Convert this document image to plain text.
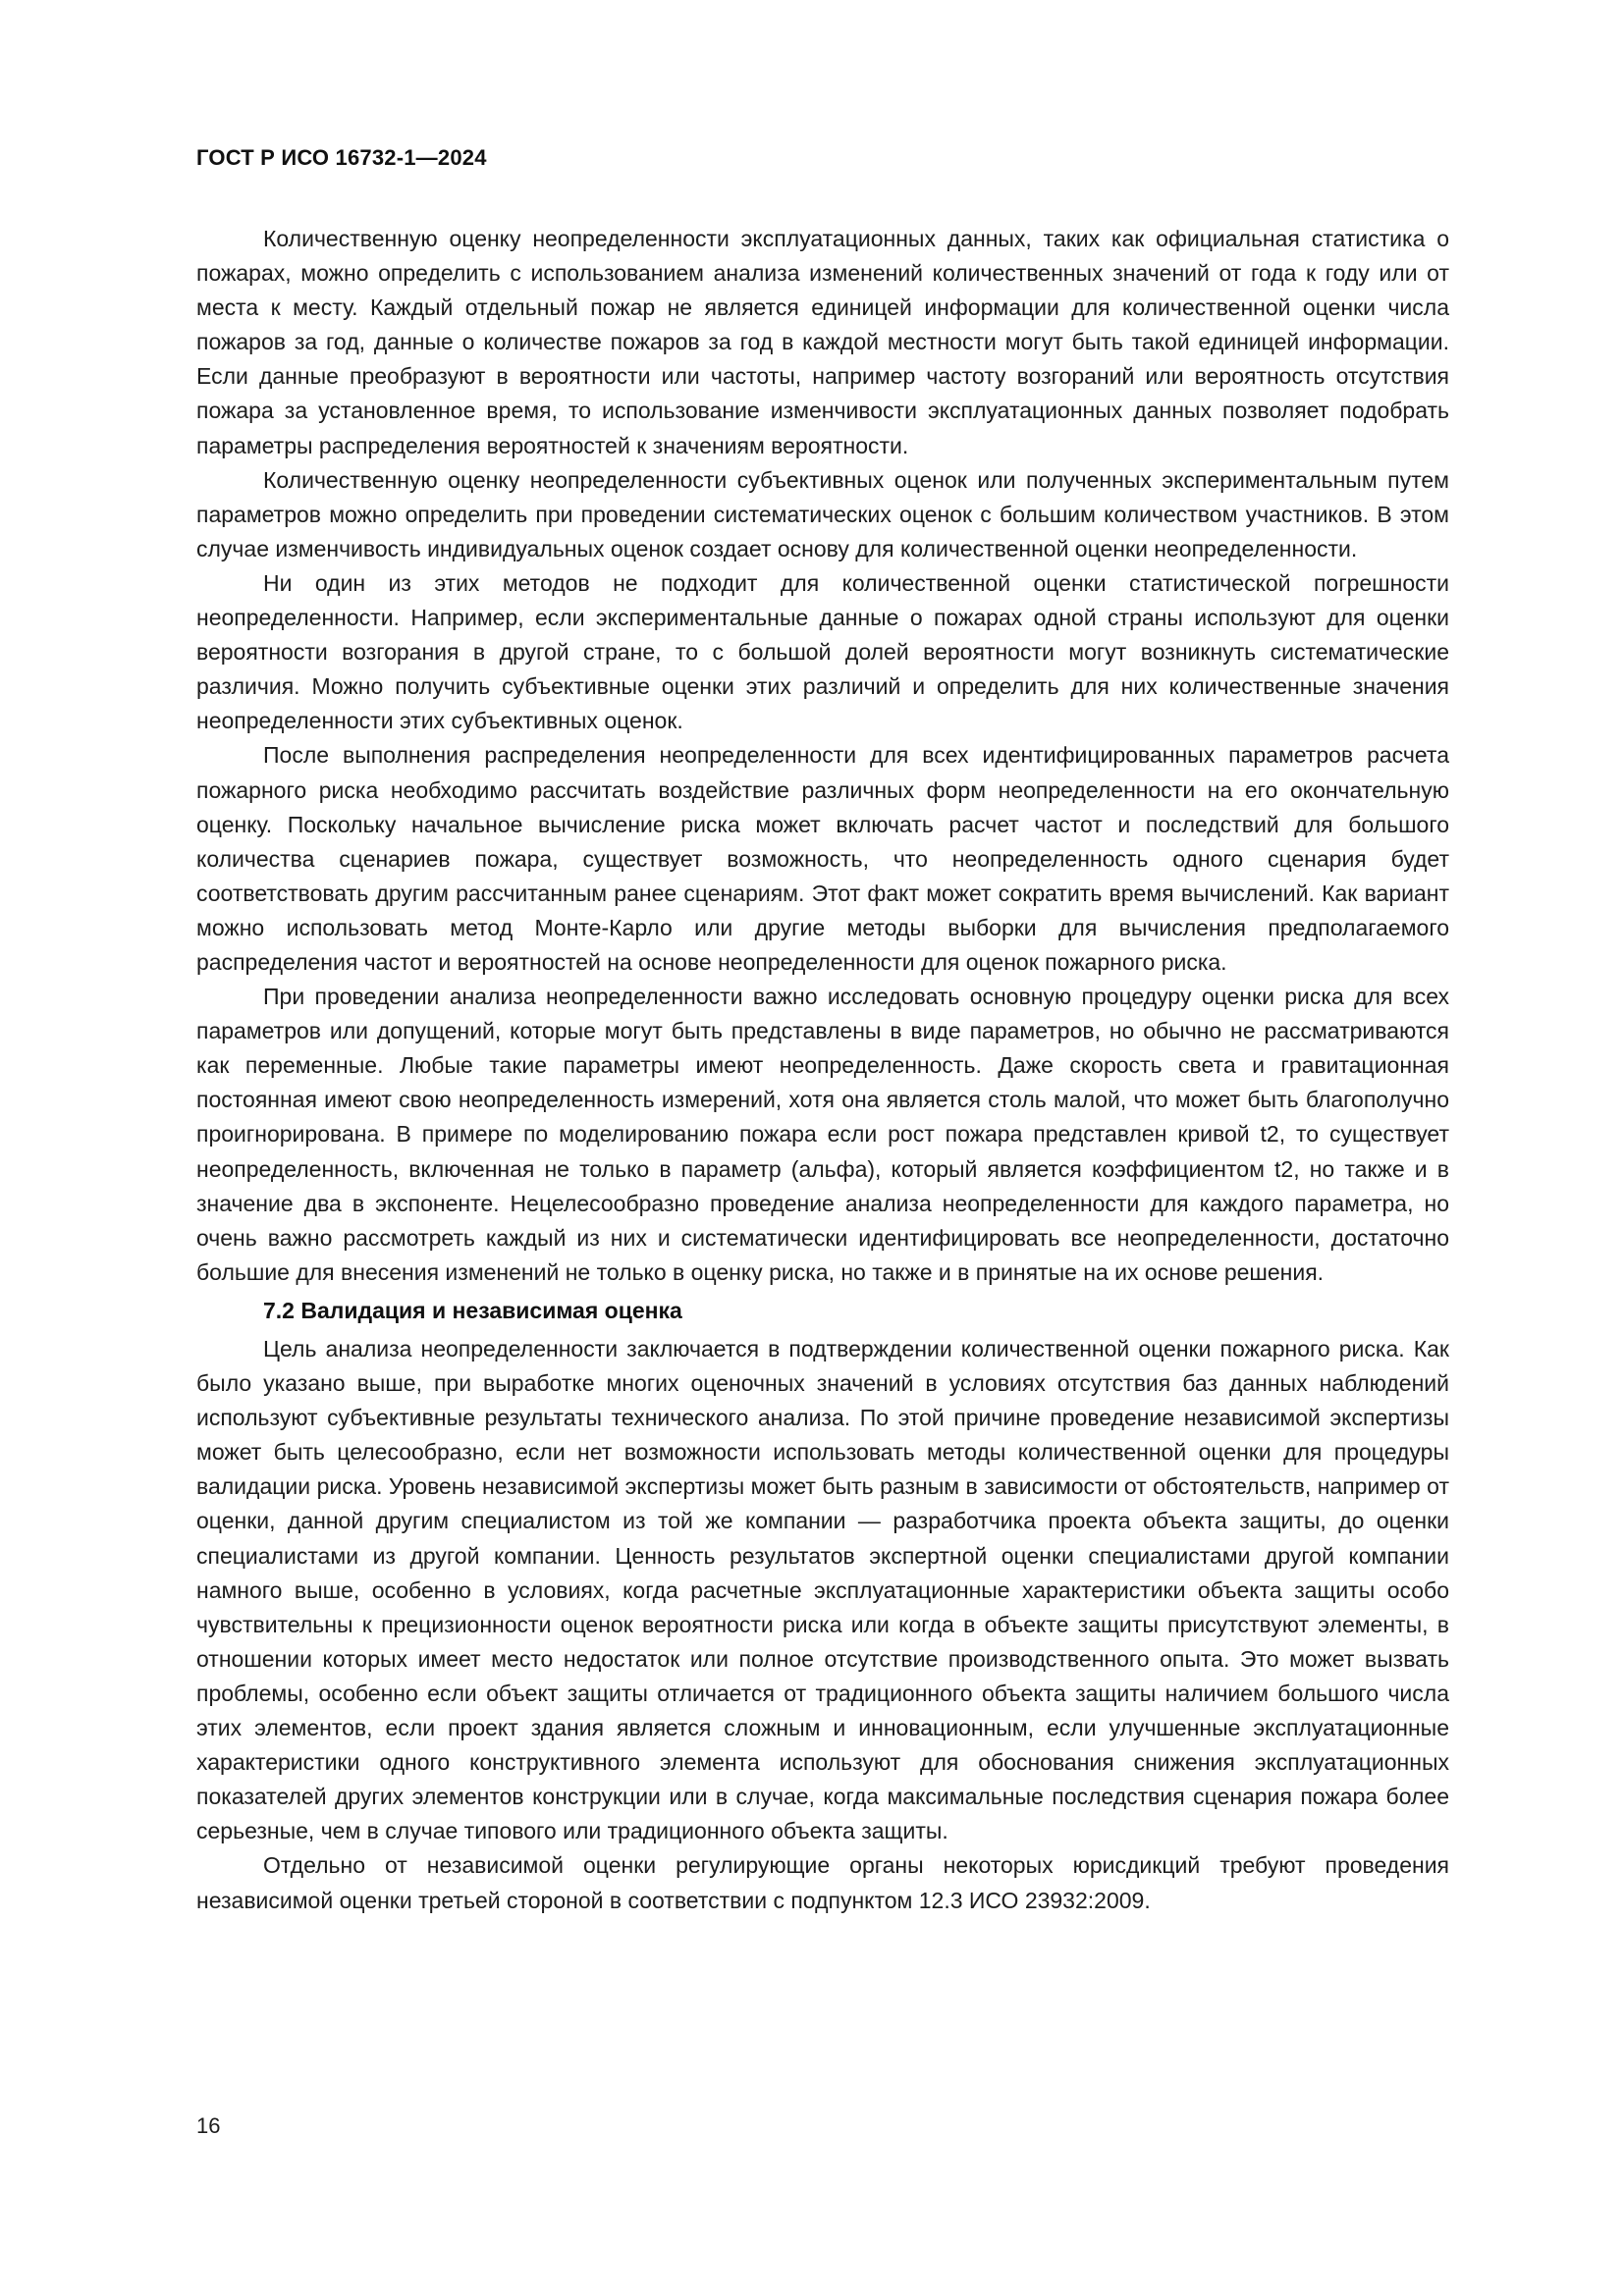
ГОСТ Р ИСО 16732-1—2024

Количественную оценку неопределенности эксплуатационных данных, таких как официальная статистика о пожарах, можно определить с использованием анализа изменений количественных значений от года к году или от места к месту. Каждый отдельный пожар не является единицей информации для количественной оценки числа пожаров за год, данные о количестве пожаров за год в каждой местности могут быть такой единицей информации. Если данные преобразуют в вероятности или частоты, например частоту возгораний или вероятность отсутствия пожара за установленное время, то использование изменчивости эксплуатационных данных позволяет подобрать параметры распределения вероятностей к значениям вероятности.

Количественную оценку неопределенности субъективных оценок или полученных экспериментальным путем параметров можно определить при проведении систематических оценок с большим количеством участников. В этом случае изменчивость индивидуальных оценок создает основу для количественной оценки неопределенности.

Ни один из этих методов не подходит для количественной оценки статистической погрешности неопределенности. Например, если экспериментальные данные о пожарах одной страны используют для оценки вероятности возгорания в другой стране, то с большой долей вероятности могут возникнуть систематические различия. Можно получить субъективные оценки этих различий и определить для них количественные значения неопределенности этих субъективных оценок.

После выполнения распределения неопределенности для всех идентифицированных параметров расчета пожарного риска необходимо рассчитать воздействие различных форм неопределенности на его окончательную оценку. Поскольку начальное вычисление риска может включать расчет частот и последствий для большого количества сценариев пожара, существует возможность, что неопределенность одного сценария будет соответствовать другим рассчитанным ранее сценариям. Этот факт может сократить время вычислений. Как вариант можно использовать метод Монте-Карло или другие методы выборки для вычисления предполагаемого распределения частот и вероятностей на основе неопределенности для оценок пожарного риска.

При проведении анализа неопределенности важно исследовать основную процедуру оценки риска для всех параметров или допущений, которые могут быть представлены в виде параметров, но обычно не рассматриваются как переменные. Любые такие параметры имеют неопределенность. Даже скорость света и гравитационная постоянная имеют свою неопределенность измерений, хотя она является столь малой, что может быть благополучно проигнорирована. В примере по моделированию пожара если рост пожара представлен кривой t2, то существует неопределенность, включенная не только в параметр (альфа), который является коэффициентом t2, но также и в значение два в экспоненте. Нецелесообразно проведение анализа неопределенности для каждого параметра, но очень важно рассмотреть каждый из них и систематически идентифицировать все неопределенности, достаточно большие для внесения изменений не только в оценку риска, но также и в принятые на их основе решения.

7.2 Валидация и независимая оценка

Цель анализа неопределенности заключается в подтверждении количественной оценки пожарного риска. Как было указано выше, при выработке многих оценочных значений в условиях отсутствия баз данных наблюдений используют субъективные результаты технического анализа. По этой причине проведение независимой экспертизы может быть целесообразно, если нет возможности использовать методы количественной оценки для процедуры валидации риска. Уровень независимой экспертизы может быть разным в зависимости от обстоятельств, например от оценки, данной другим специалистом из той же компании — разработчика проекта объекта защиты, до оценки специалистами из другой компании. Ценность результатов экспертной оценки специалистами другой компании намного выше, особенно в условиях, когда расчетные эксплуатационные характеристики объекта защиты особо чувствительны к прецизионности оценок вероятности риска или когда в объекте защиты присутствуют элементы, в отношении которых имеет место недостаток или полное отсутствие производственного опыта. Это может вызвать проблемы, особенно если объект защиты отличается от традиционного объекта защиты наличием большого числа этих элементов, если проект здания является сложным и инновационным, если улучшенные эксплуатационные характеристики одного конструктивного элемента используют для обоснования снижения эксплуатационных показателей других элементов конструкции или в случае, когда максимальные последствия сценария пожара более серьезные, чем в случае типового или традиционного объекта защиты.

Отдельно от независимой оценки регулирующие органы некоторых юрисдикций требуют проведения независимой оценки третьей стороной в соответствии с подпунктом 12.3 ИСО 23932:2009.

16
